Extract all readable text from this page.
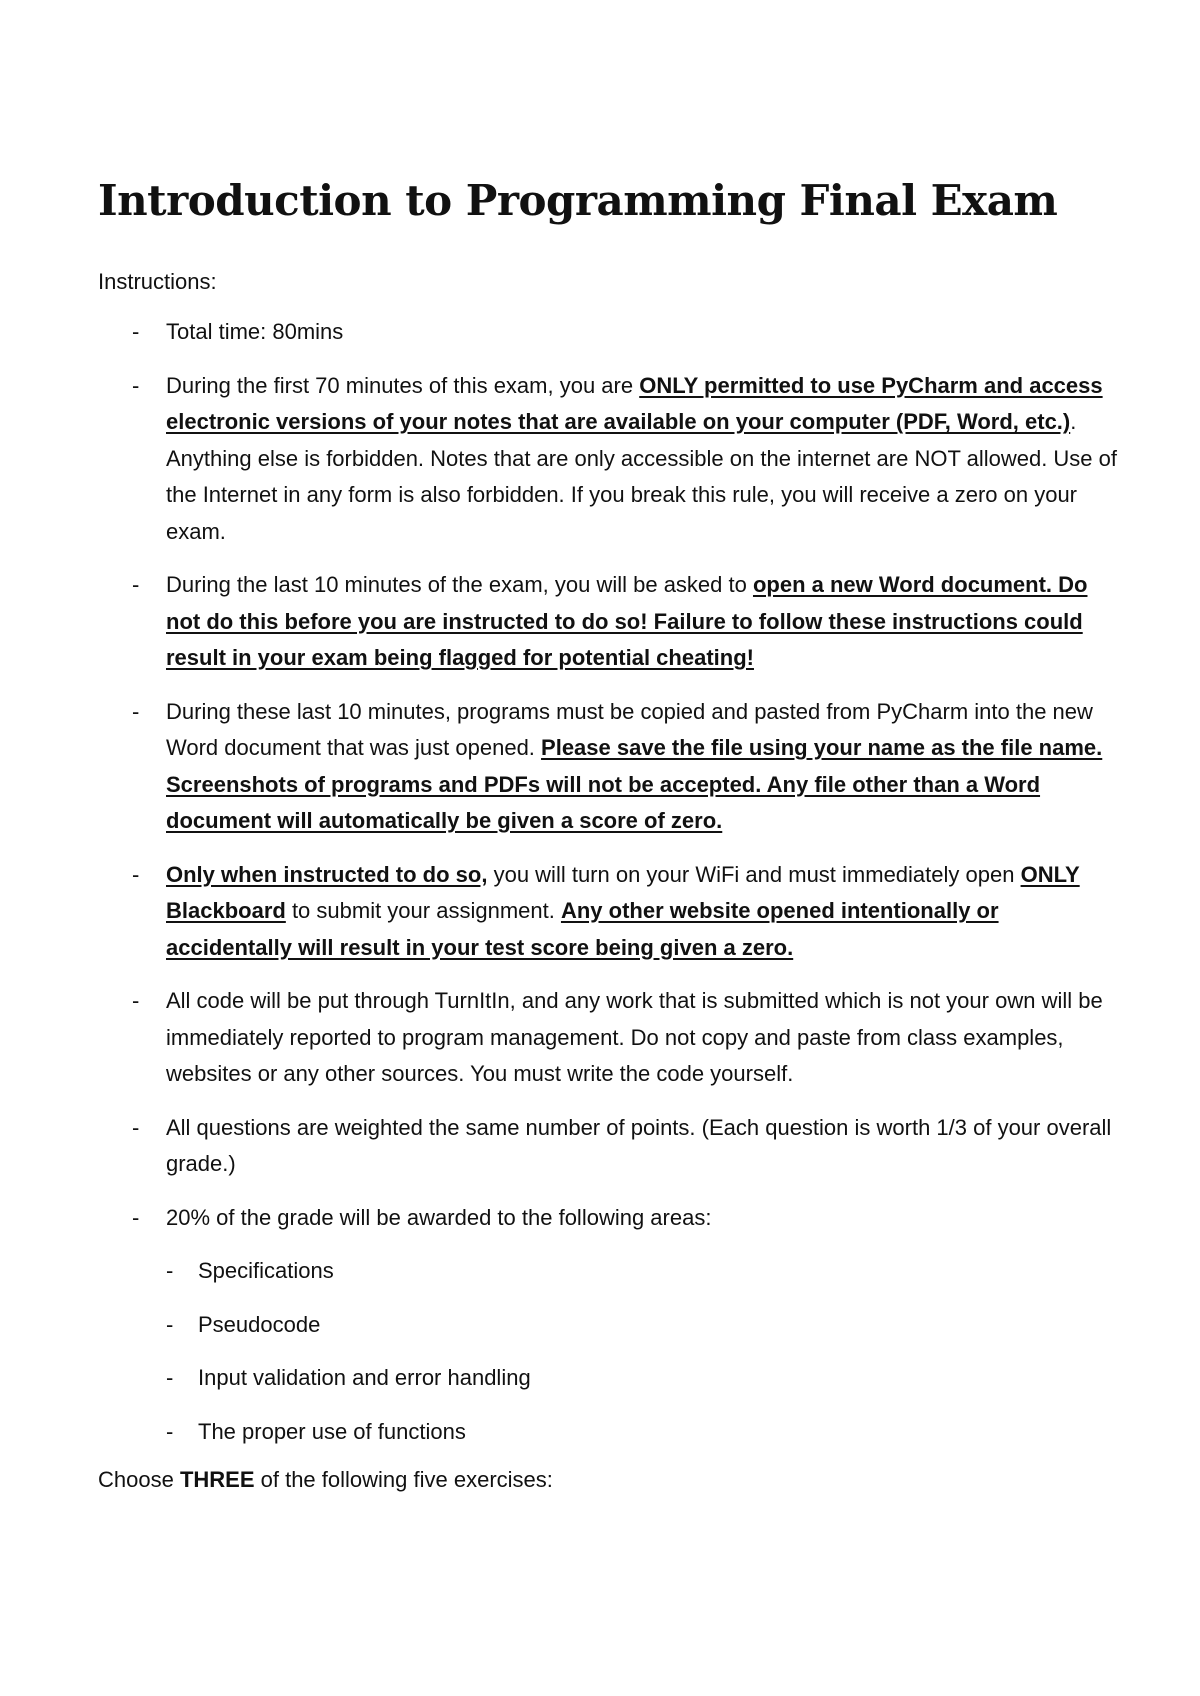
Introduction to Programming Final Exam

Instructions:

- Total time: 80mins
- During the first 70 minutes of this exam, you are ONLY permitted to use PyCharm and access electronic versions of your notes that are available on your computer (PDF, Word, etc.). Anything else is forbidden. Notes that are only accessible on the internet are NOT allowed. Use of the Internet in any form is also forbidden. If you break this rule, you will receive a zero on your exam.
- During the last 10 minutes of the exam, you will be asked to open a new Word document. Do not do this before you are instructed to do so! Failure to follow these instructions could result in your exam being flagged for potential cheating!
- During these last 10 minutes, programs must be copied and pasted from PyCharm into the new Word document that was just opened. Please save the file using your name as the file name. Screenshots of programs and PDFs will not be accepted. Any file other than a Word document will automatically be given a score of zero.
- Only when instructed to do so, you will turn on your WiFi and must immediately open ONLY Blackboard to submit your assignment. Any other website opened intentionally or accidentally will result in your test score being given a zero.
- All code will be put through TurnItIn, and any work that is submitted which is not your own will be immediately reported to program management. Do not copy and paste from class examples, websites or any other sources. You must write the code yourself.
- All questions are weighted the same number of points. (Each question is worth 1/3 of your overall grade.)
- 20% of the grade will be awarded to the following areas:
- Specifications
- Pseudocode
- Input validation and error handling
- The proper use of functions

Choose THREE of the following five exercises:
